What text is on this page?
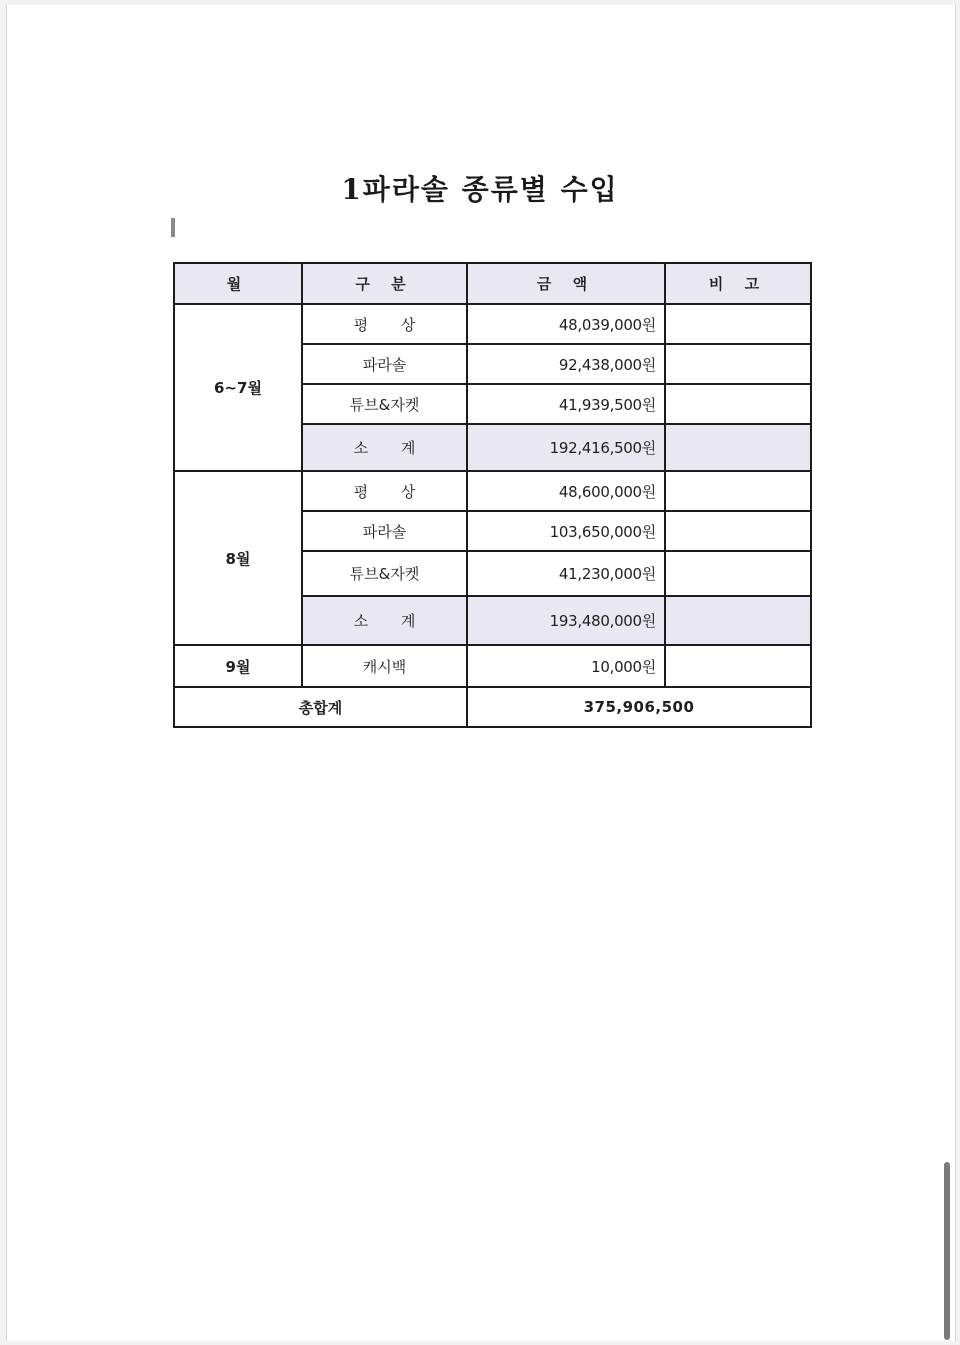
1파라솔 종류별 수입
월	구 분	금 액	비 고
6~7월	평 상	48,039,000원	
	파라솔	92,438,000원	
	튜브&자켓	41,939,500원	
	소 계	192,416,500원	
8월	평 상	48,600,000원	
	파라솔	103,650,000원	
	튜브&자켓	41,230,000원	
	소 계	193,480,000원	
9월	캐시백	10,000원	
총합계		375,906,500	
